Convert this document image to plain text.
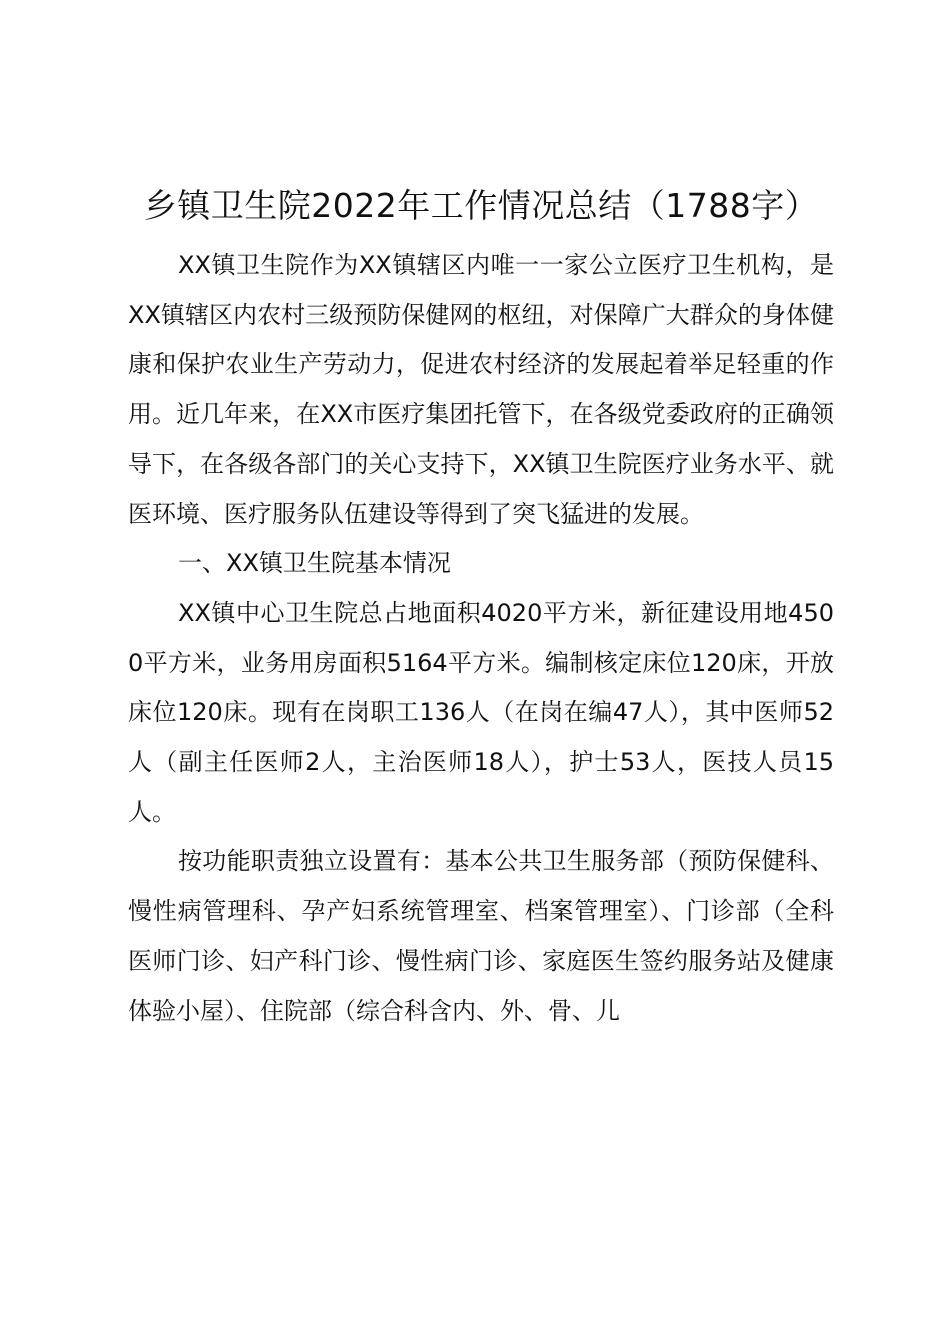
乡镇卫生院2022年工作情况总结（1788字）

XX镇卫生院作为XX镇辖区内唯一一家公立医疗卫生机构，是XX镇辖区内农村三级预防保健网的枢纽，对保障广大群众的身体健康和保护农业生产劳动力，促进农村经济的发展起着举足轻重的作用。近几年来，在XX市医疗集团托管下，在各级党委政府的正确领导下，在各级各部门的关心支持下，XX镇卫生院医疗业务水平、就医环境、医疗服务队伍建设等得到了突飞猛进的发展。

一、XX镇卫生院基本情况

XX镇中心卫生院总占地面积4020平方米，新征建设用地4500平方米，业务用房面积5164平方米。编制核定床位120床，开放床位120床。现有在岗职工136人（在岗在编47人），其中医师52人（副主任医师2人，主治医师18人），护士53人，医技人员15人。

按功能职责独立设置有：基本公共卫生服务部（预防保健科、慢性病管理科、孕产妇系统管理室、档案管理室）、门诊部（全科医师门诊、妇产科门诊、慢性病门诊、家庭医生签约服务站及健康体验小屋）、住院部（综合科含内、外、骨、儿
